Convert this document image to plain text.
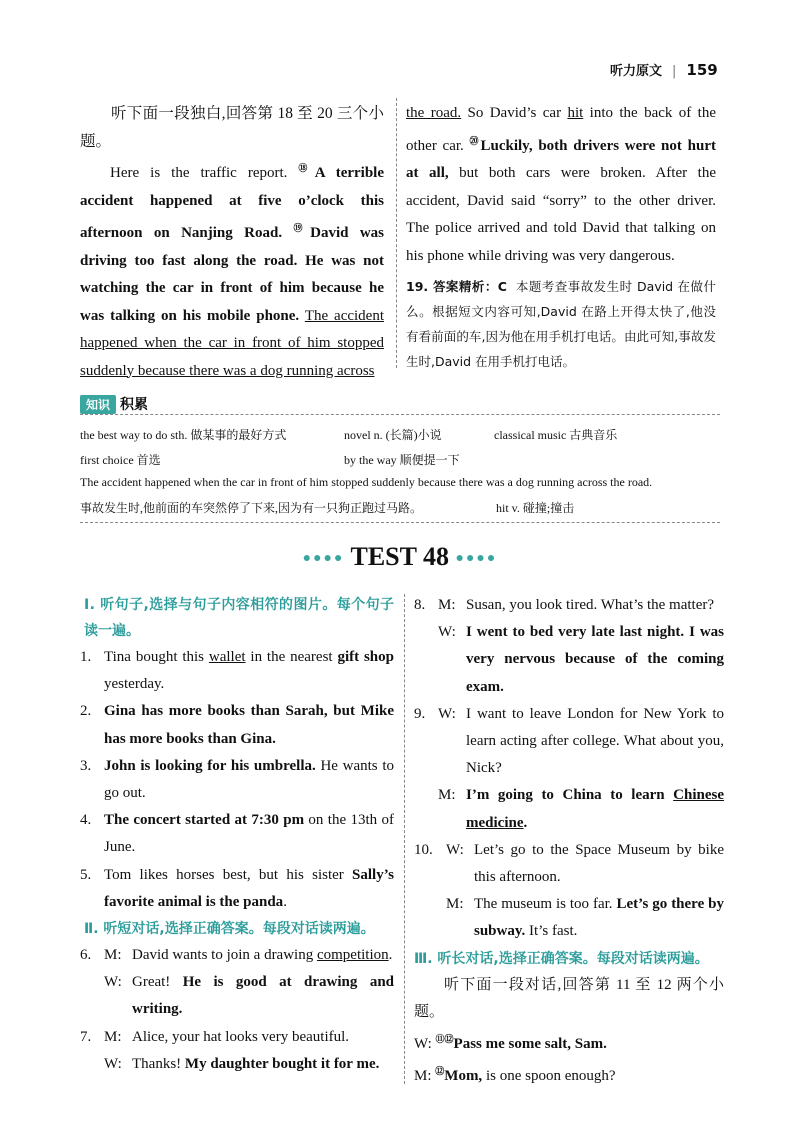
听力原文 | 159

听下面一段独白,回答第 18 至 20 三个小题。

Here is the traffic report. ⑱A terrible accident happened at five o’clock this afternoon on Nanjing Road. ⑲David was driving too fast along the road. He was not watching the car in front of him because he was talking on his mobile phone. The accident happened when the car in front of him stopped suddenly because there was a dog running across

the road. So David’s car hit into the back of the other car. ⑳Luckily, both drivers were not hurt at all, but both cars were broken. After the accident, David said “sorry” to the other driver. The police arrived and told David that talking on his phone while driving was very dangerous.

19. 答案精析：C 本题考查事故发生时 David 在做什么。根据短文内容可知,David 在路上开得太快了,他没有看前面的车,因为他在用手机打电话。由此可知,事故发生时,David 在用手机打电话。

知识 积累
the best way to do sth. 做某事的最好方式	novel n. (长篇)小说	classical music 古典音乐
first choice 首选	by the way 顺便提一下
The accident happened when the car in front of him stopped suddenly because there was a dog running across the road.
事故发生时,他前面的车突然停了下来,因为有一只狗正跑过马路。	hit v. 碰撞;撞击
●●●● TEST 48 ●●●●

Ⅰ. 听句子,选择与句子内容相符的图片。每个句子读一遍。

1. Tina bought this wallet in the nearest gift shop yesterday.

2. Gina has more books than Sarah, but Mike has more books than Gina.

3. John is looking for his umbrella. He wants to go out.

4. The concert started at 7:30 pm on the 13th of June.

5. Tom likes horses best, but his sister Sally’s favorite animal is the panda.

Ⅱ. 听短对话,选择正确答案。每段对话读两遍。

6. M: David wants to join a drawing competition.

W: Great! He is good at drawing and writing.

7. M: Alice, your hat looks very beautiful.

W: Thanks! My daughter bought it for me.

8. M: Susan, you look tired. What’s the matter?

W: I went to bed very late last night. I was very nervous because of the coming exam.

9. W: I want to leave London for New York to learn acting after college. What about you, Nick?

M: I’m going to China to learn Chinese medicine.

10. W: Let’s go to the Space Museum by bike this afternoon.

M: The museum is too far. Let’s go there by subway. It’s fast.

Ⅲ. 听长对话,选择正确答案。每段对话读两遍。

听下面一段对话,回答第 11 至 12 两个小题。

W: ⑪⑫Pass me some salt, Sam.

M: ⑫Mom, is one spoon enough?
